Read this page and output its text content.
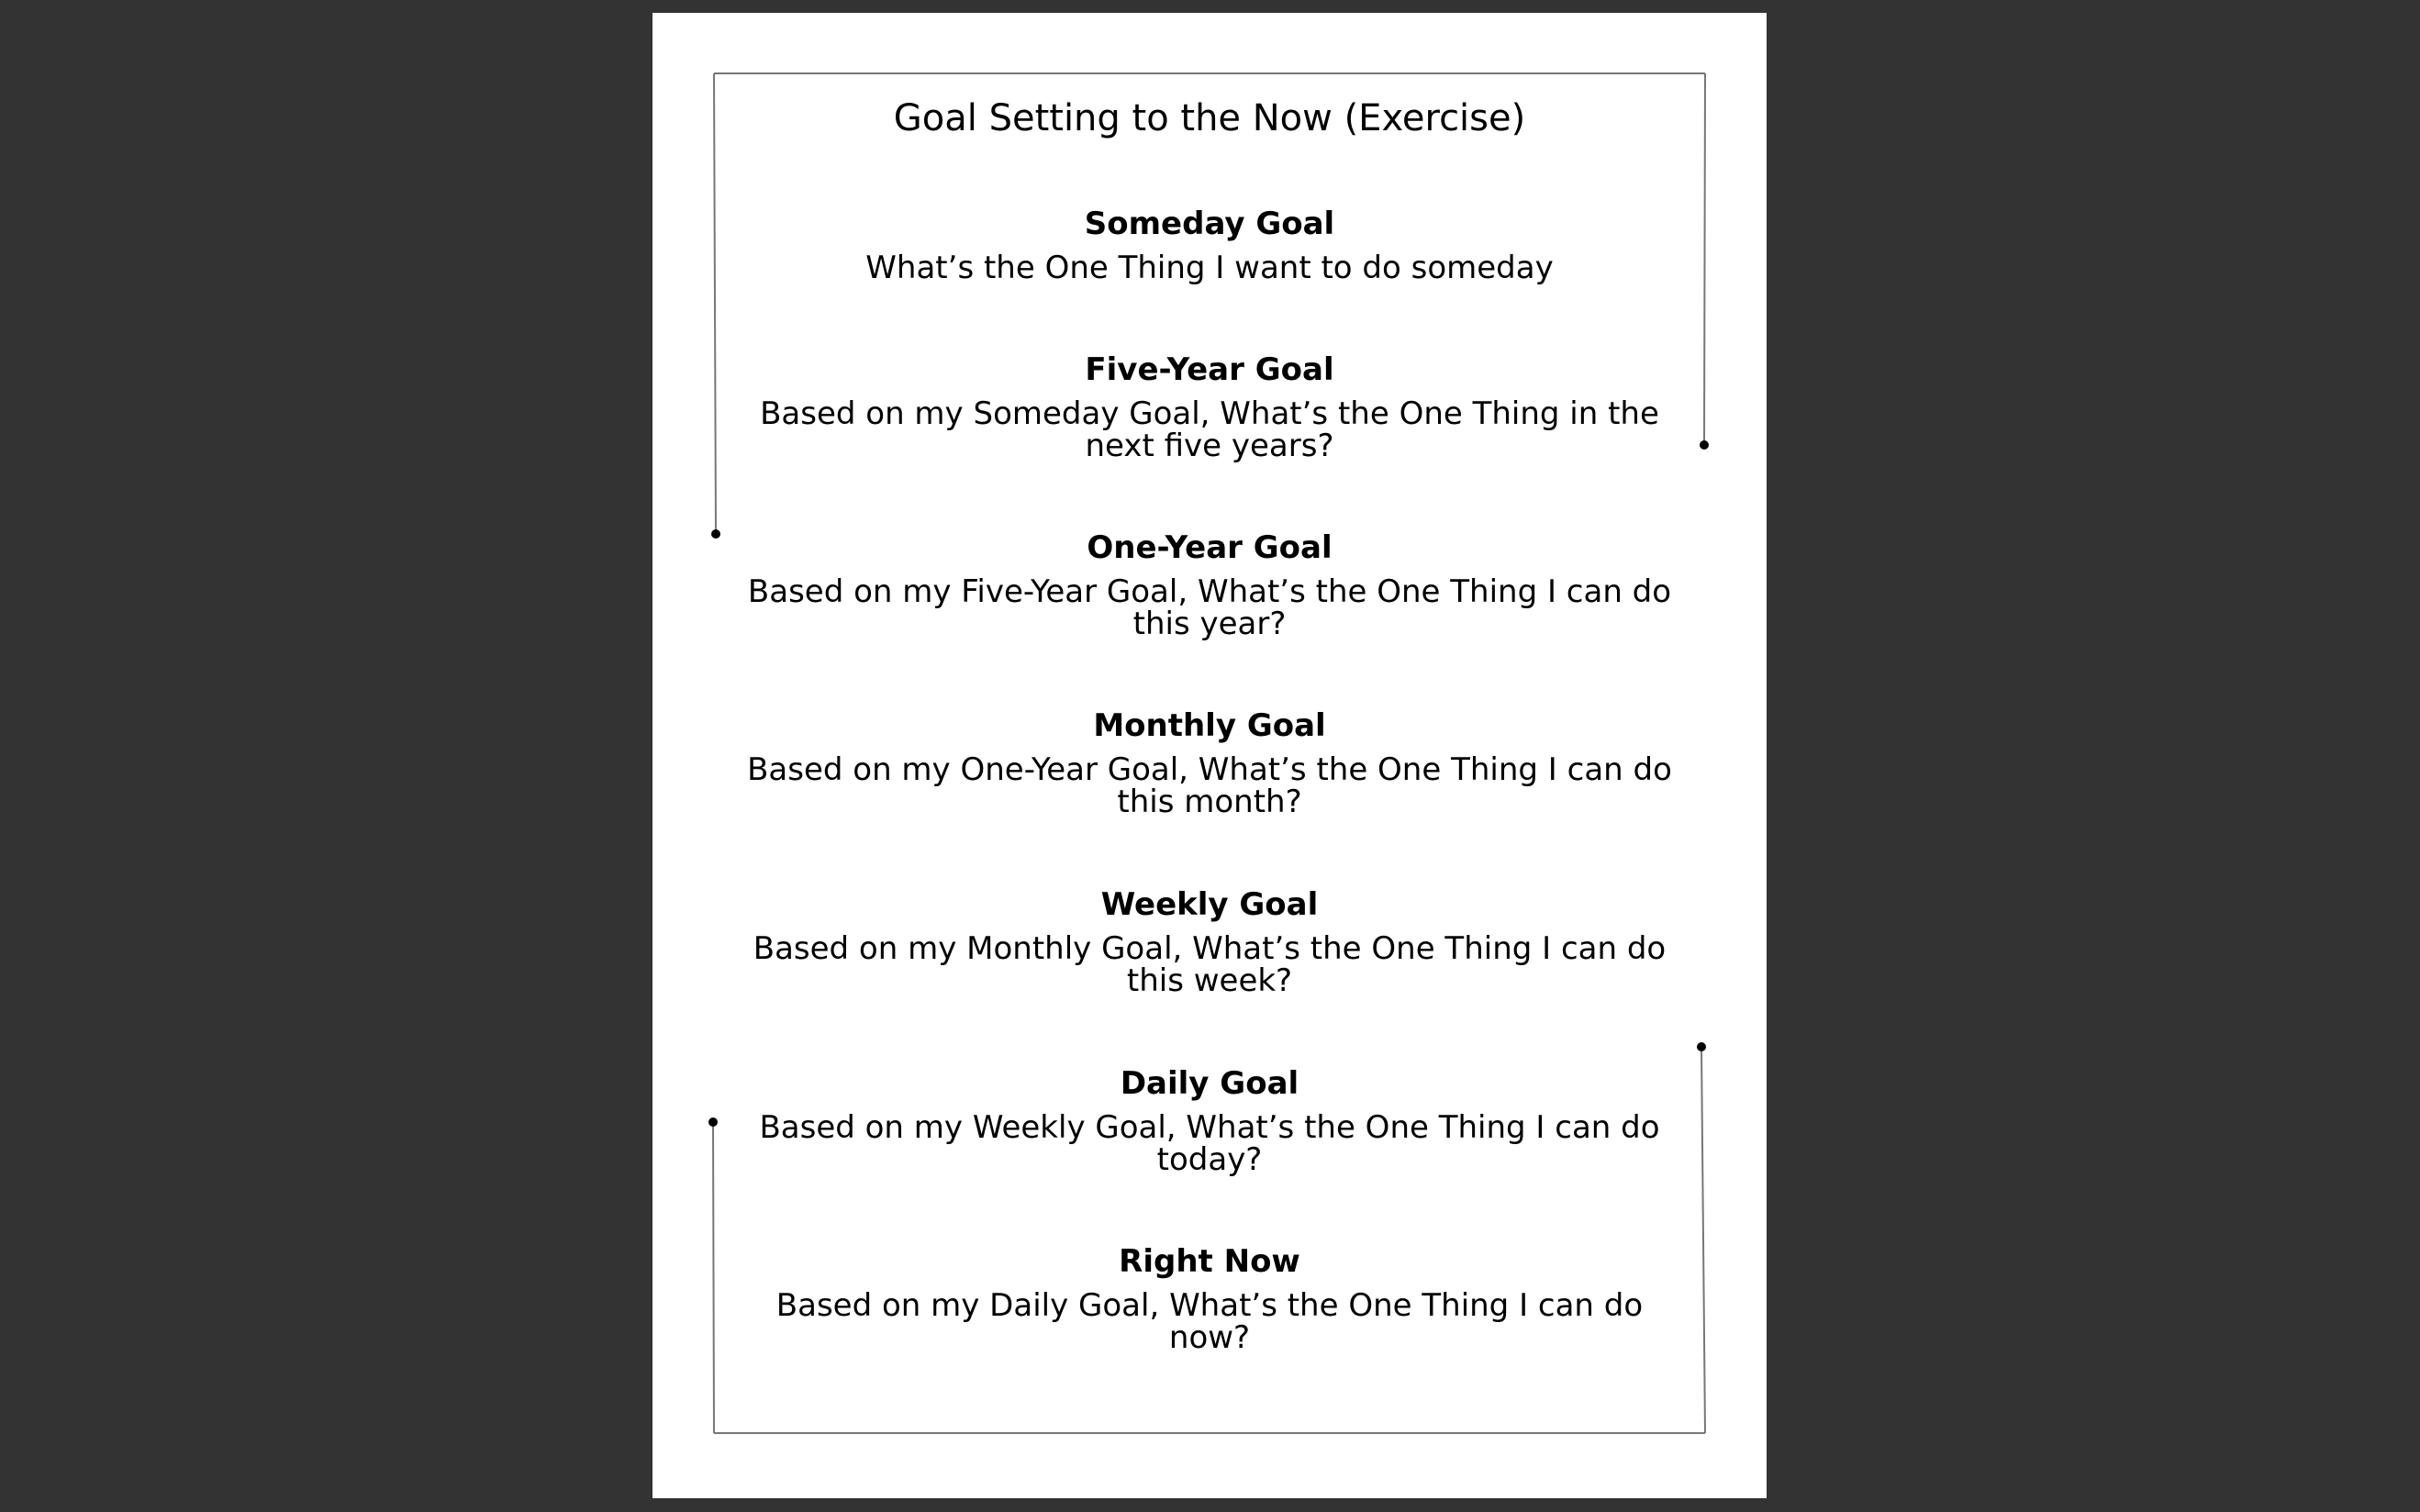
Goal Setting to the Now (Exercise)
Someday Goal
What’s the One Thing I want to do someday
Five-Year Goal
Based on my Someday Goal, What’s the One Thing in the next five years?
One-Year Goal
Based on my Five-Year Goal, What’s the One Thing I can do this year?
Monthly Goal
Based on my One-Year Goal, What’s the One Thing I can do this month?
Weekly Goal
Based on my Monthly Goal, What’s the One Thing I can do this week?
Daily Goal
Based on my Weekly Goal, What’s the One Thing I can do today?
Right Now
Based on my Daily Goal, What’s the One Thing I can do now?
